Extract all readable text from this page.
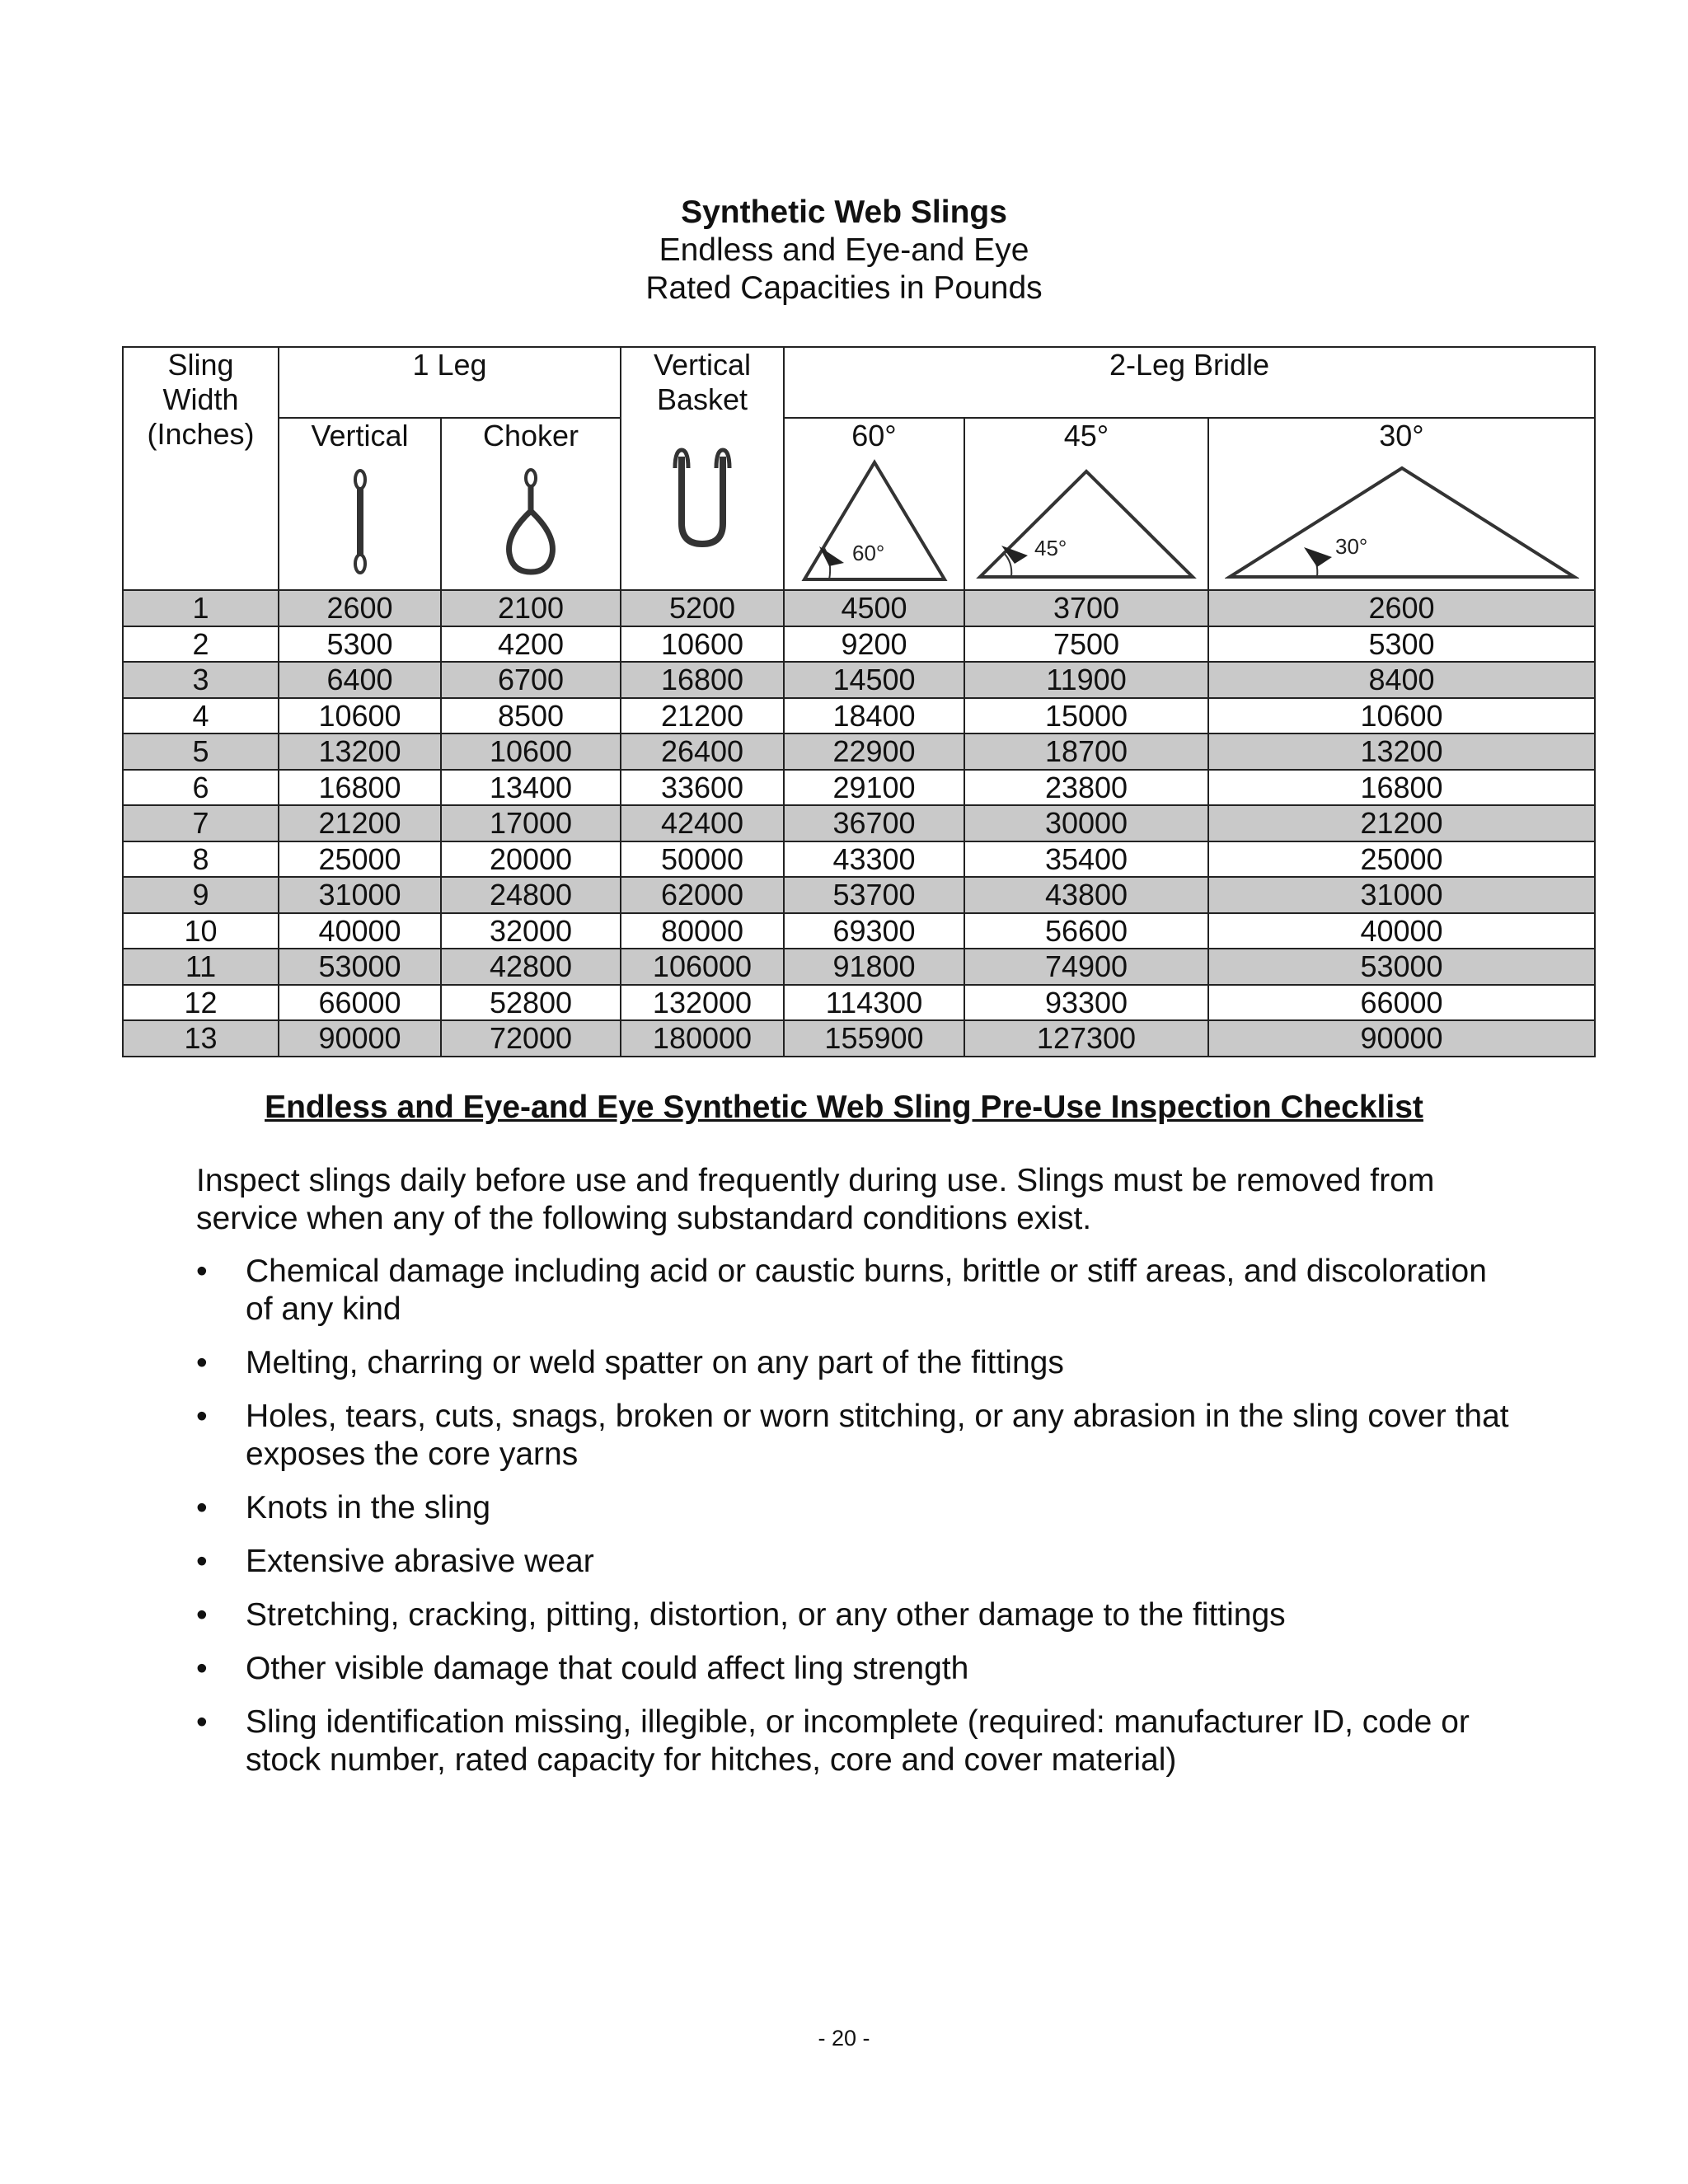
Synthetic Web Slings
Endless and Eye-and Eye
Rated Capacities in Pounds
Sling Width (Inches)	1 Leg		Vertical Basket	2-Leg Bridle		
	Vertical	Choker		60°	45°	30°

60°	45°	30°

1	2600	2100	5200	4500	3700	2600
2	5300	4200	10600	9200	7500	5300
3	6400	6700	16800	14500	11900	8400
4	10600	8500	21200	18400	15000	10600
5	13200	10600	26400	22900	18700	13200
6	16800	13400	33600	29100	23800	16800
7	21200	17000	42400	36700	30000	21200
8	25000	20000	50000	43300	35400	25000
9	31000	24800	62000	53700	43800	31000
10	40000	32000	80000	69300	56600	40000
11	53000	42800	106000	91800	74900	53000
12	66000	52800	132000	114300	93300	66000
13	90000	72000	180000	155900	127300	90000
Endless and Eye-and Eye Synthetic Web Sling Pre-Use Inspection Checklist
Inspect slings daily before use and frequently during use. Slings must be removed from service when any of the following substandard conditions exist.
•	Chemical damage including acid or caustic burns, brittle or stiff areas, and discoloration of any kind
•	Melting, charring or weld spatter on any part of the fittings
•	Holes, tears, cuts, snags, broken or worn stitching, or any abrasion in the sling cover that exposes the core yarns
•	Knots in the sling
•	Extensive abrasive wear
•	Stretching, cracking, pitting, distortion, or any other damage to the fittings
•	Other visible damage that could affect ling strength
•	Sling identification missing, illegible, or incomplete (required: manufacturer ID, code or stock number, rated capacity for hitches, core and cover material)
- 20 -
